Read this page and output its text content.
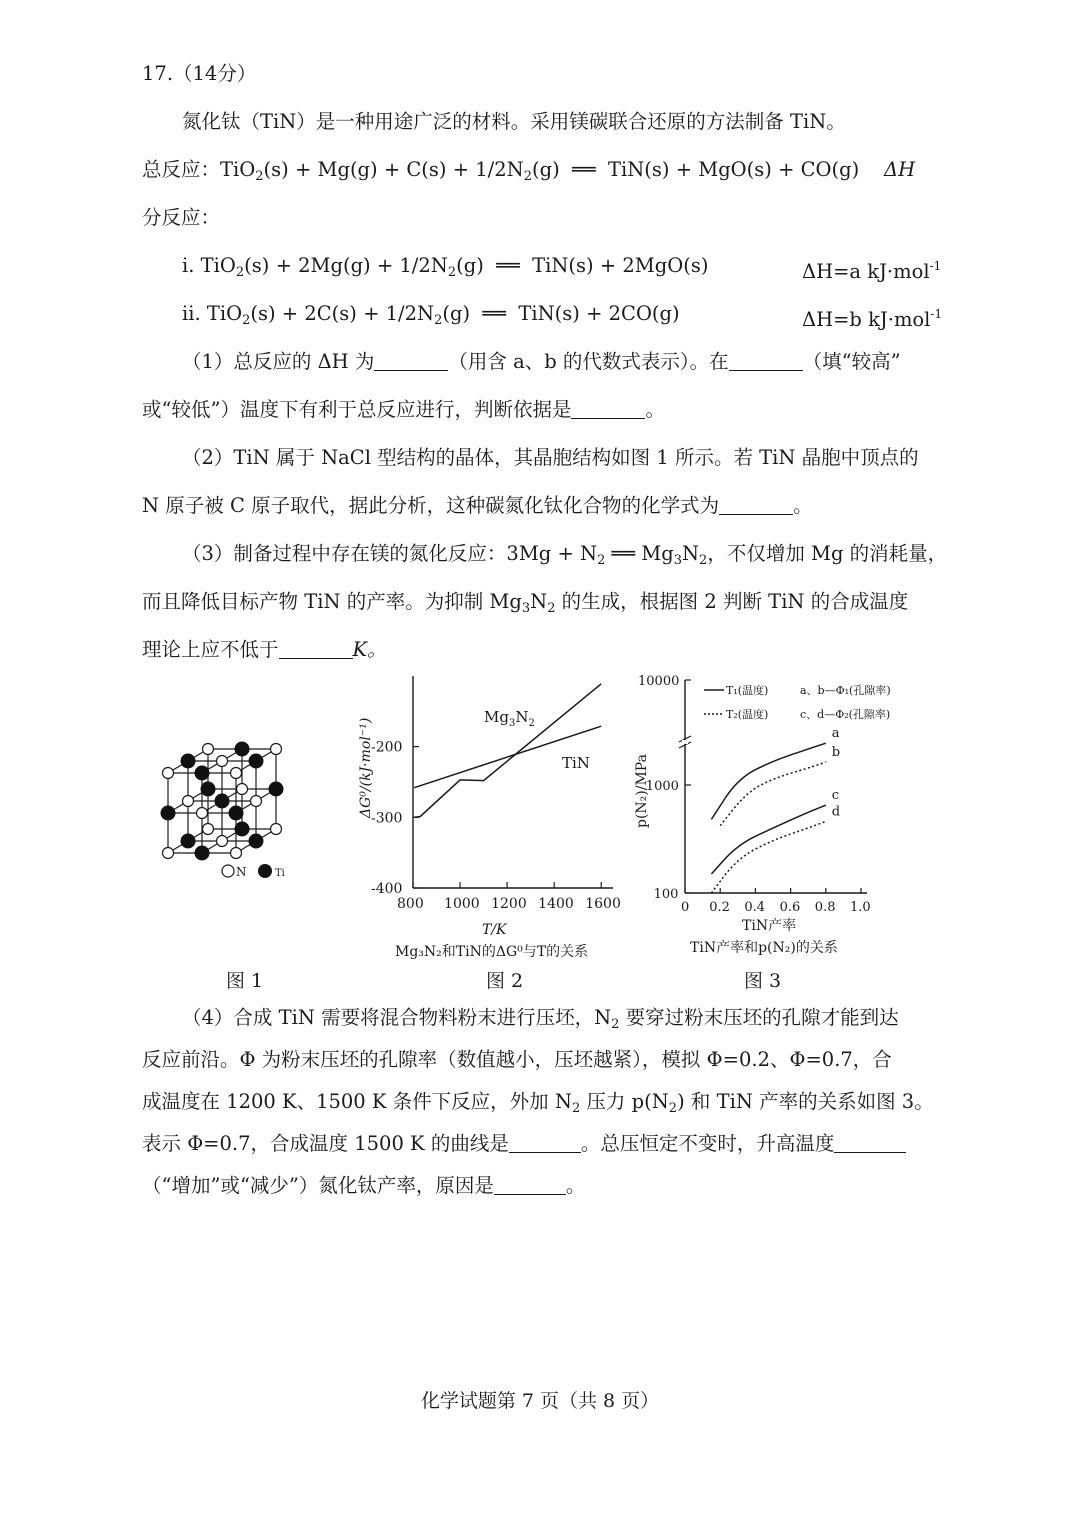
17.（14分）
氮化钛（TiN）是一种用途广泛的材料。采用镁碳联合还原的方法制备 TiN。
总反应：$TiO_2(s) + Mg(g) + C(s) + 1/2N_2(g)$  ══  TiN(s) + MgO(s) + CO(g) ΔH
分反应：
i. $TiO_2(s) + 2Mg(g) + 1/2N_2(g)$  ══  TiN(s) + 2MgO(s)	ΔH=a kJ·mol$^{-1}$
ii. $TiO_2(s) + 2C(s) + 1/2N_2(g)$  ══  TiN(s) + 2CO(g)	ΔH=b kJ·mol$^{-1}$
（1）总反应的 ΔH 为	（用含 a、b 的代数式表示）。在	（填“较高”
或“较低”）温度下有利于总反应进行，判断依据是	。
（2）TiN 属于 NaCl 型结构的晶体，其晶胞结构如图 1 所示。若 TiN 晶胞中顶点的
N 原子被 C 原子取代，据此分析，这种碳氮化钛化合物的化学式为	。
（3）制备过程中存在镁的氮化反应：$3Mg + N_2$ ══ $Mg_3N_2$，不仅增加 Mg 的消耗量，
而且降低目标产物 TiN 的产率。为抑制 $Mg_3N_2$ 的生成，根据图 2 判断 TiN 的合成温度
理论上应不低于	K。
N	Ti
图 1
800 1000 1200 1400 1600
-200
-300
-400
ΔG⁰/(kJ·mol⁻¹)
T/K
Mg₃N₂和TiN的ΔG⁰与T的关系
$Mg_3N_2$
TiN
图 2
0 0.2 0.4 0.6 0.8 1.0
100
1000
10000
T₁(温度)	a、b—Φ₁(孔隙率)
T₂(温度)	c、d—Φ₂(孔隙率)
p(N₂)/MPa
TiN产率
TiN产率和p(N₂)的关系
a
b
c
d
图 3
（4）合成 TiN 需要将混合物料粉末进行压坯，$N_2$ 要穿过粉末压坯的孔隙才能到达
反应前沿。Φ 为粉末压坯的孔隙率（数值越小，压坯越紧），模拟 Φ=0.2、Φ=0.7，合
成温度在 1200 K、1500 K 条件下反应，外加 $N_2$ 压力 $p(N_2)$ 和 TiN 产率的关系如图 3。
表示 Φ=0.7，合成温度 1500 K 的曲线是	。总压恒定不变时，升高温度
（“增加”或“减少”）氮化钛产率，原因是	。
化学试题第 7 页（共 8 页）
